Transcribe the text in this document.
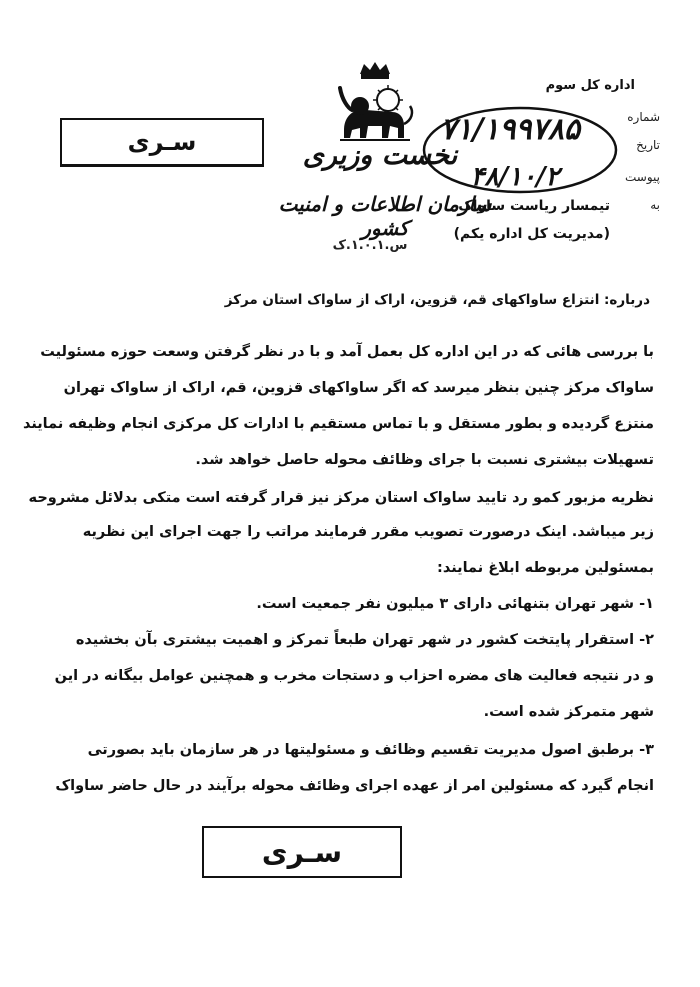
نخست وزیری
سازمان اطلاعات و امنیت کشور
س.۱.۰.۱.ک
سـری
اداره کل سوم
شماره
تاریخ
پیوست
به
۷۱/۱۹۹۷۸۵
۴۸/۱۰/۲
تیمسار ریاست ساواک
(مدیریت کل اداره یکم)
درباره: انتزاع ساواکهای قم، قزوین، اراک از ساواک استان مرکز
با بررسی هائی که در این اداره کل بعمل آمد و با در نظر گرفتن وسعت حوزه مسئولیت
ساواک مرکز چنین بنظر میرسد که اگر ساواکهای قزوین، قم، اراک از ساواک تهران
منتزع گردیده و بطور مستقل و با تماس مستقیم با ادارات کل مرکزی انجام وظیفه نمایند
تسهیلات بیشتری نسبت با جرای وظائف محوله حاصل خواهد شد.
نظریه مزبور کمو رد تایید ساواک استان مرکز نیز قرار گرفته است متکی بدلائل مشروحه
زیر میباشد. اینک درصورت تصویب مقرر فرمایند مراتب را جهت اجرای این نظریه
بمسئولین مربوطه ابلاغ نمایند:
۱- شهر تهران بتنهائی دارای ۳ میلیون نفر جمعیت است.
۲- استقرار پایتخت کشور در شهر تهران طبعاً تمرکز و اهمیت بیشتری بآن بخشیده
و در نتیجه فعالیت های مضره احزاب و دستجات مخرب و همچنین عوامل بیگانه در این
شهر متمرکز شده است.
۳- برطبق اصول مدیریت تقسیم وظائف و مسئولیتها در هر سازمان باید بصورتی
انجام گیرد که مسئولین امر از عهده اجرای وظائف محوله برآیند در حال حاضر ساواک
سـری
